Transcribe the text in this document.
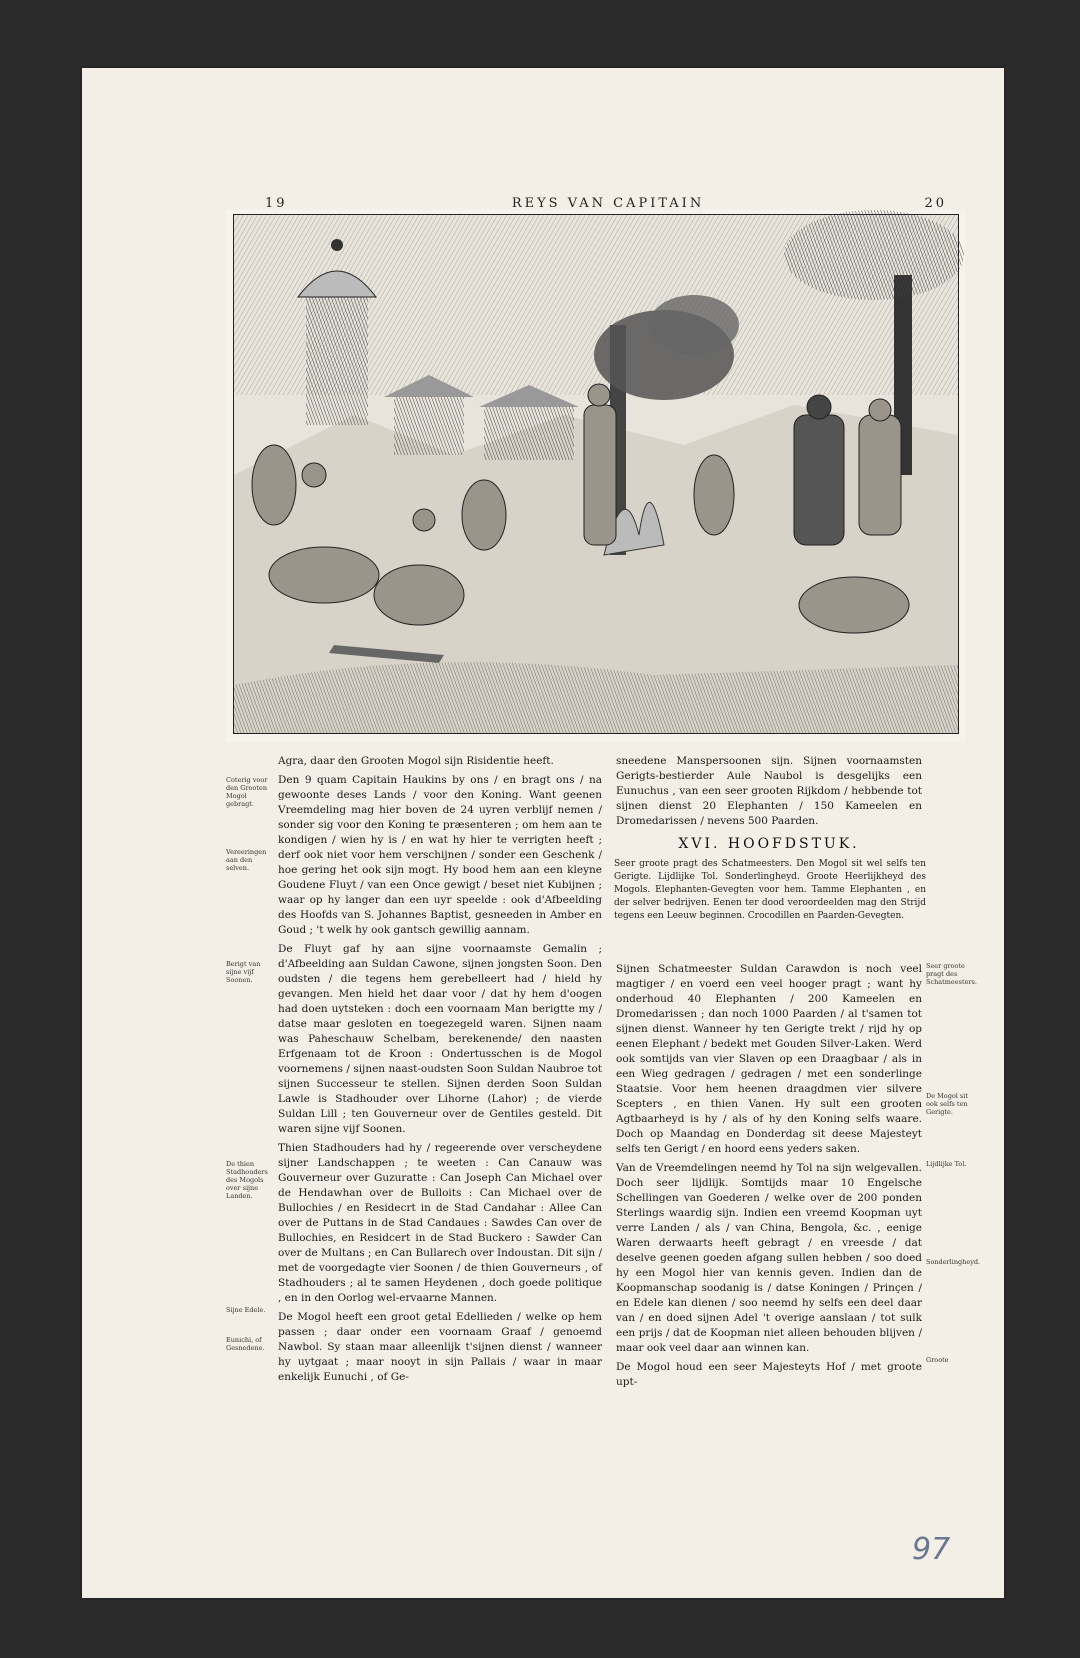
19	REYS VAN CAPITAIN	20
Coterig voor den Grooten Mogol gebragt.
Vereeringen aan den selven.
Berigt van sijne vijf Soonen.
De thien Stadhouders des Mogols over sijne Landen.
Sijne Edele.
Eunichi, of Gesnedene.

Agra, daar den Grooten Mogol sijn Risidentie heeft.

Den 9 quam Capitain Haukins by ons / en bragt ons / na gewoonte deses Lands / voor den Koning. Want geenen Vreemdeling mag hier boven de 24 uyren verblijf nemen / sonder sig voor den Koning te præsenteren ; om hem aan te kondigen / wien hy is / en wat hy hier te verrigten heeft ; derf ook niet voor hem verschijnen / sonder een Geschenk / hoe gering het ook sijn mogt. Hy bood hem aan een kleyne Goudene Fluyt / van een Once gewigt / beset niet Kubijnen ; waar op hy langer dan een uyr speelde : ook d'Afbeelding des Hoofds van S. Johannes Baptist, gesneeden in Amber en Goud ; 't welk hy ook gantsch gewillig aannam.

De Fluyt gaf hy aan sijne voornaamste Gemalin ; d'Afbeelding aan Suldan Cawone, sijnen jongsten Soon. Den oudsten / die tegens hem gerebelleert had / hield hy gevangen. Men hield het daar voor / dat hy hem d'oogen had doen uytsteken : doch een voornaam Man berigtte my / datse maar gesloten en toegezegeld waren. Sijnen naam was Paheschauw Schelbam, berekenende/ den naasten Erfgenaam tot de Kroon : Ondertusschen is de Mogol voornemens / sijnen naast-oudsten Soon Suldan Naubroe tot sijnen Successeur te stellen. Sijnen derden Soon Suldan Lawle is Stadhouder over Lihorne (Lahor) ; de vierde Suldan Lill ; ten Gouverneur over de Gentiles gesteld. Dit waren sijne vijf Soonen.

Thien Stadhouders had hy / regeerende over verscheydene sijner Landschappen ; te weeten : Can Canauw was Gouverneur over Guzuratte : Can Joseph Can Michael over de Hendawhan over de Bulloits : Can Michael over de Bullochies / en Residecrt in de Stad Candahar : Allee Can over de Puttans in de Stad Candaues : Sawdes Can over de Bullochies, en Residcert in de Stad Buckero : Sawder Can over de Multans ; en Can Bullarech over Indoustan. Dit sijn / met de voorgedagte vier Soonen / de thien Gouverneurs , of Stadhouders ; al te samen Heydenen , doch goede politique , en in den Oorlog wel-ervaarne Mannen.

De Mogol heeft een groot getal Edellieden / welke op hem passen ; daar onder een voornaam Graaf / genoemd Nawbol. Sy staan maar alleenlijk t'sijnen dienst / wanneer hy uytgaat ; maar nooyt in sijn Pallais / waar in maar enkelijk Eunuchi , of Ge-

sneedene Manspersoonen sijn. Sijnen voornaamsten Gerigts-bestierder Aule Naubol is desgelijks een Eunuchus , van een seer grooten Rijkdom / hebbende tot sijnen dienst 20 Elephanten / 150 Kameelen en Dromedarissen / nevens 500 Paarden.

XVI. HOOFDSTUK.
Seer groote pragt des Schatmeesters. Den Mogol sit wel selfs ten Gerigte. Lijdlijke Tol. Sonderlingheyd. Groote Heerlijkheyd des Mogols. Elephanten-Gevegten voor hem. Tamme Elephanten , en der selver bedrijven. Eenen ter dood veroordeelden mag den Strijd tegens een Leeuw beginnen. Crocodillen en Paarden-Gevegten.

Sijnen Schatmeester Suldan Carawdon is noch veel magtiger / en voerd een veel hooger pragt ; want hy onderhoud 40 Elephanten / 200 Kameelen en Dromedarissen ; dan noch 1000 Paarden / al t'samen tot sijnen dienst. Wanneer hy ten Gerigte trekt / rijd hy op eenen Elephant / bedekt met Gouden Silver-Laken. Werd ook somtijds van vier Slaven op een Draagbaar / als in een Wieg gedragen / gedragen / met een sonderlinge Staatsie. Voor hem heenen draagdmen vier silvere Scepters , en thien Vanen. Hy sult een grooten Agtbaarheyd is hy / als of hy den Koning selfs waare. Doch op Maandag en Donderdag sit deese Majesteyt selfs ten Gerigt / en hoord eens yeders saken.

Van de Vreemdelingen neemd hy Tol na sijn welgevallen. Doch seer lijdlijk. Somtijds maar 10 Engelsche Schellingen van Goederen / welke over de 200 ponden Sterlings waardig sijn. Indien een vreemd Koopman uyt verre Landen / als / van China, Bengola, &c. , eenige Waren derwaarts heeft gebragt / en vreesde / dat deselve geenen goeden afgang sullen hebben / soo doed hy een Mogol hier van kennis geven. Indien dan de Koopmanschap soodanig is / datse Koningen / Prinçen / en Edele kan dienen / soo neemd hy selfs een deel daar van / en doed sijnen Adel 't overige aanslaan / tot sulk een prijs / dat de Koopman niet alleen behouden blijven / maar ook veel daar aan winnen kan.

De Mogol houd een seer Majesteyts Hof / met groote upt-

Seer groote pragt des Schatmeesters.
De Mogol sit ook selfs ten Gerigte.
Lijdlijke Tol.
Sonderlingheyd.
Groote
97
